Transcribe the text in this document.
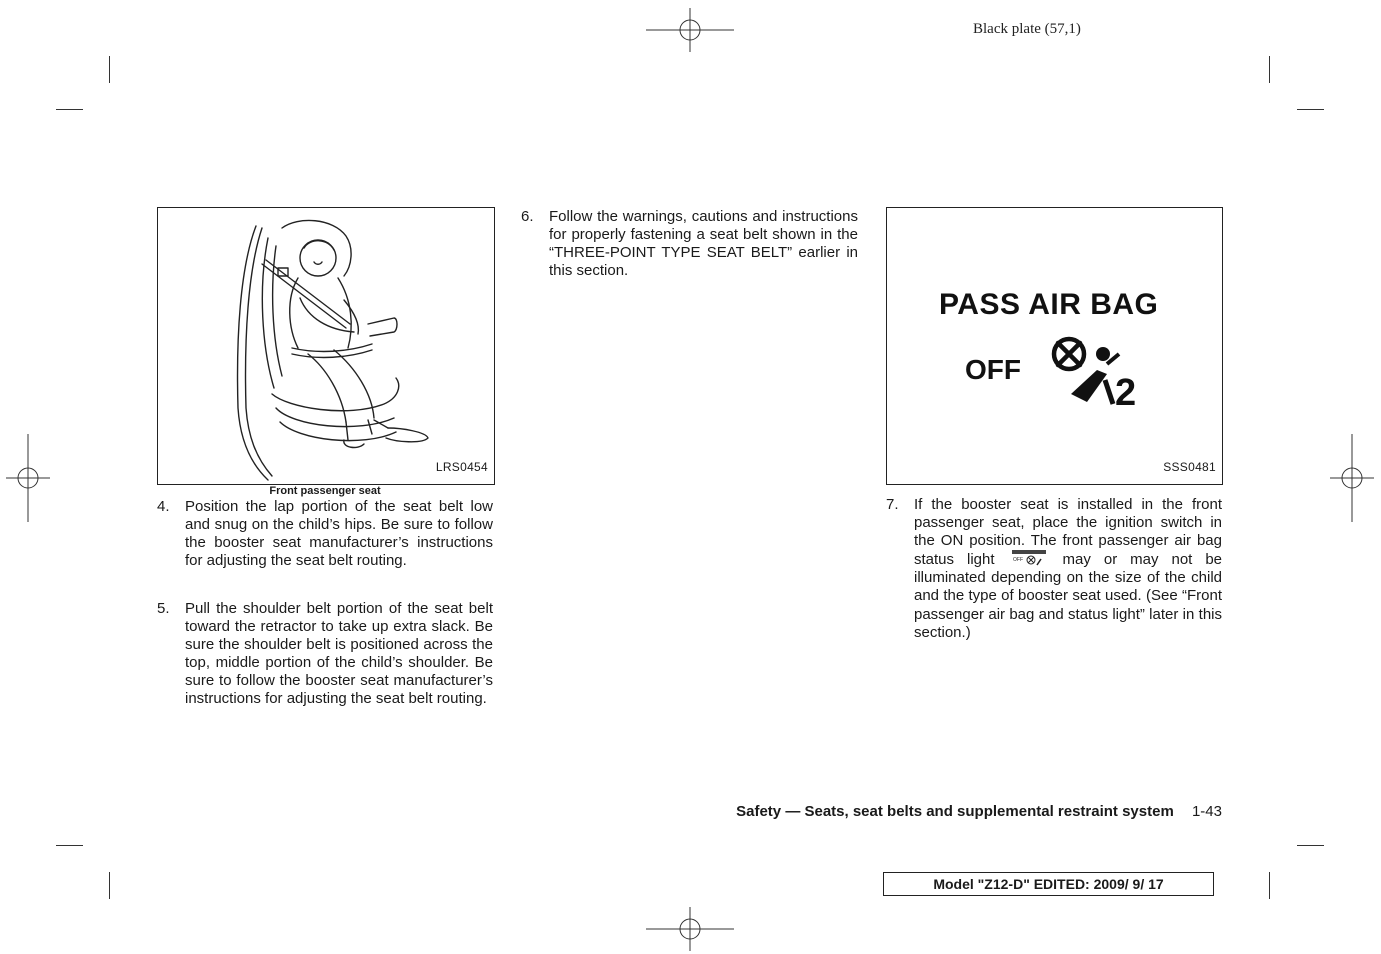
Black plate (57,1)
LRS0454
Front passenger seat
4. Position the lap portion of the seat belt low and snug on the child’s hips. Be sure to follow the booster seat manufacturer’s instructions for adjusting the seat belt routing.
5. Pull the shoulder belt portion of the seat belt toward the retractor to take up extra slack. Be sure the shoulder belt is positioned across the top, middle portion of the child’s shoulder. Be sure to follow the booster seat manufacturer’s instructions for adjusting the seat belt routing.
6. Follow the warnings, cautions and instructions for properly fastening a seat belt shown in the “THREE-POINT TYPE SEAT BELT” earlier in this section.
PASS AIR BAG
OFF
2
SSS0481
7. If the booster seat is installed in the front passenger seat, place the ignition switch in the ON position. The front passenger air bag status light	OFF	may or may not be illuminated depending on the size of the child and the type of booster seat used. (See “Front passenger air bag and status light” later in this section.)
Safety — Seats, seat belts and supplemental restraint system 1-43
Model "Z12-D" EDITED: 2009/ 9/ 17
